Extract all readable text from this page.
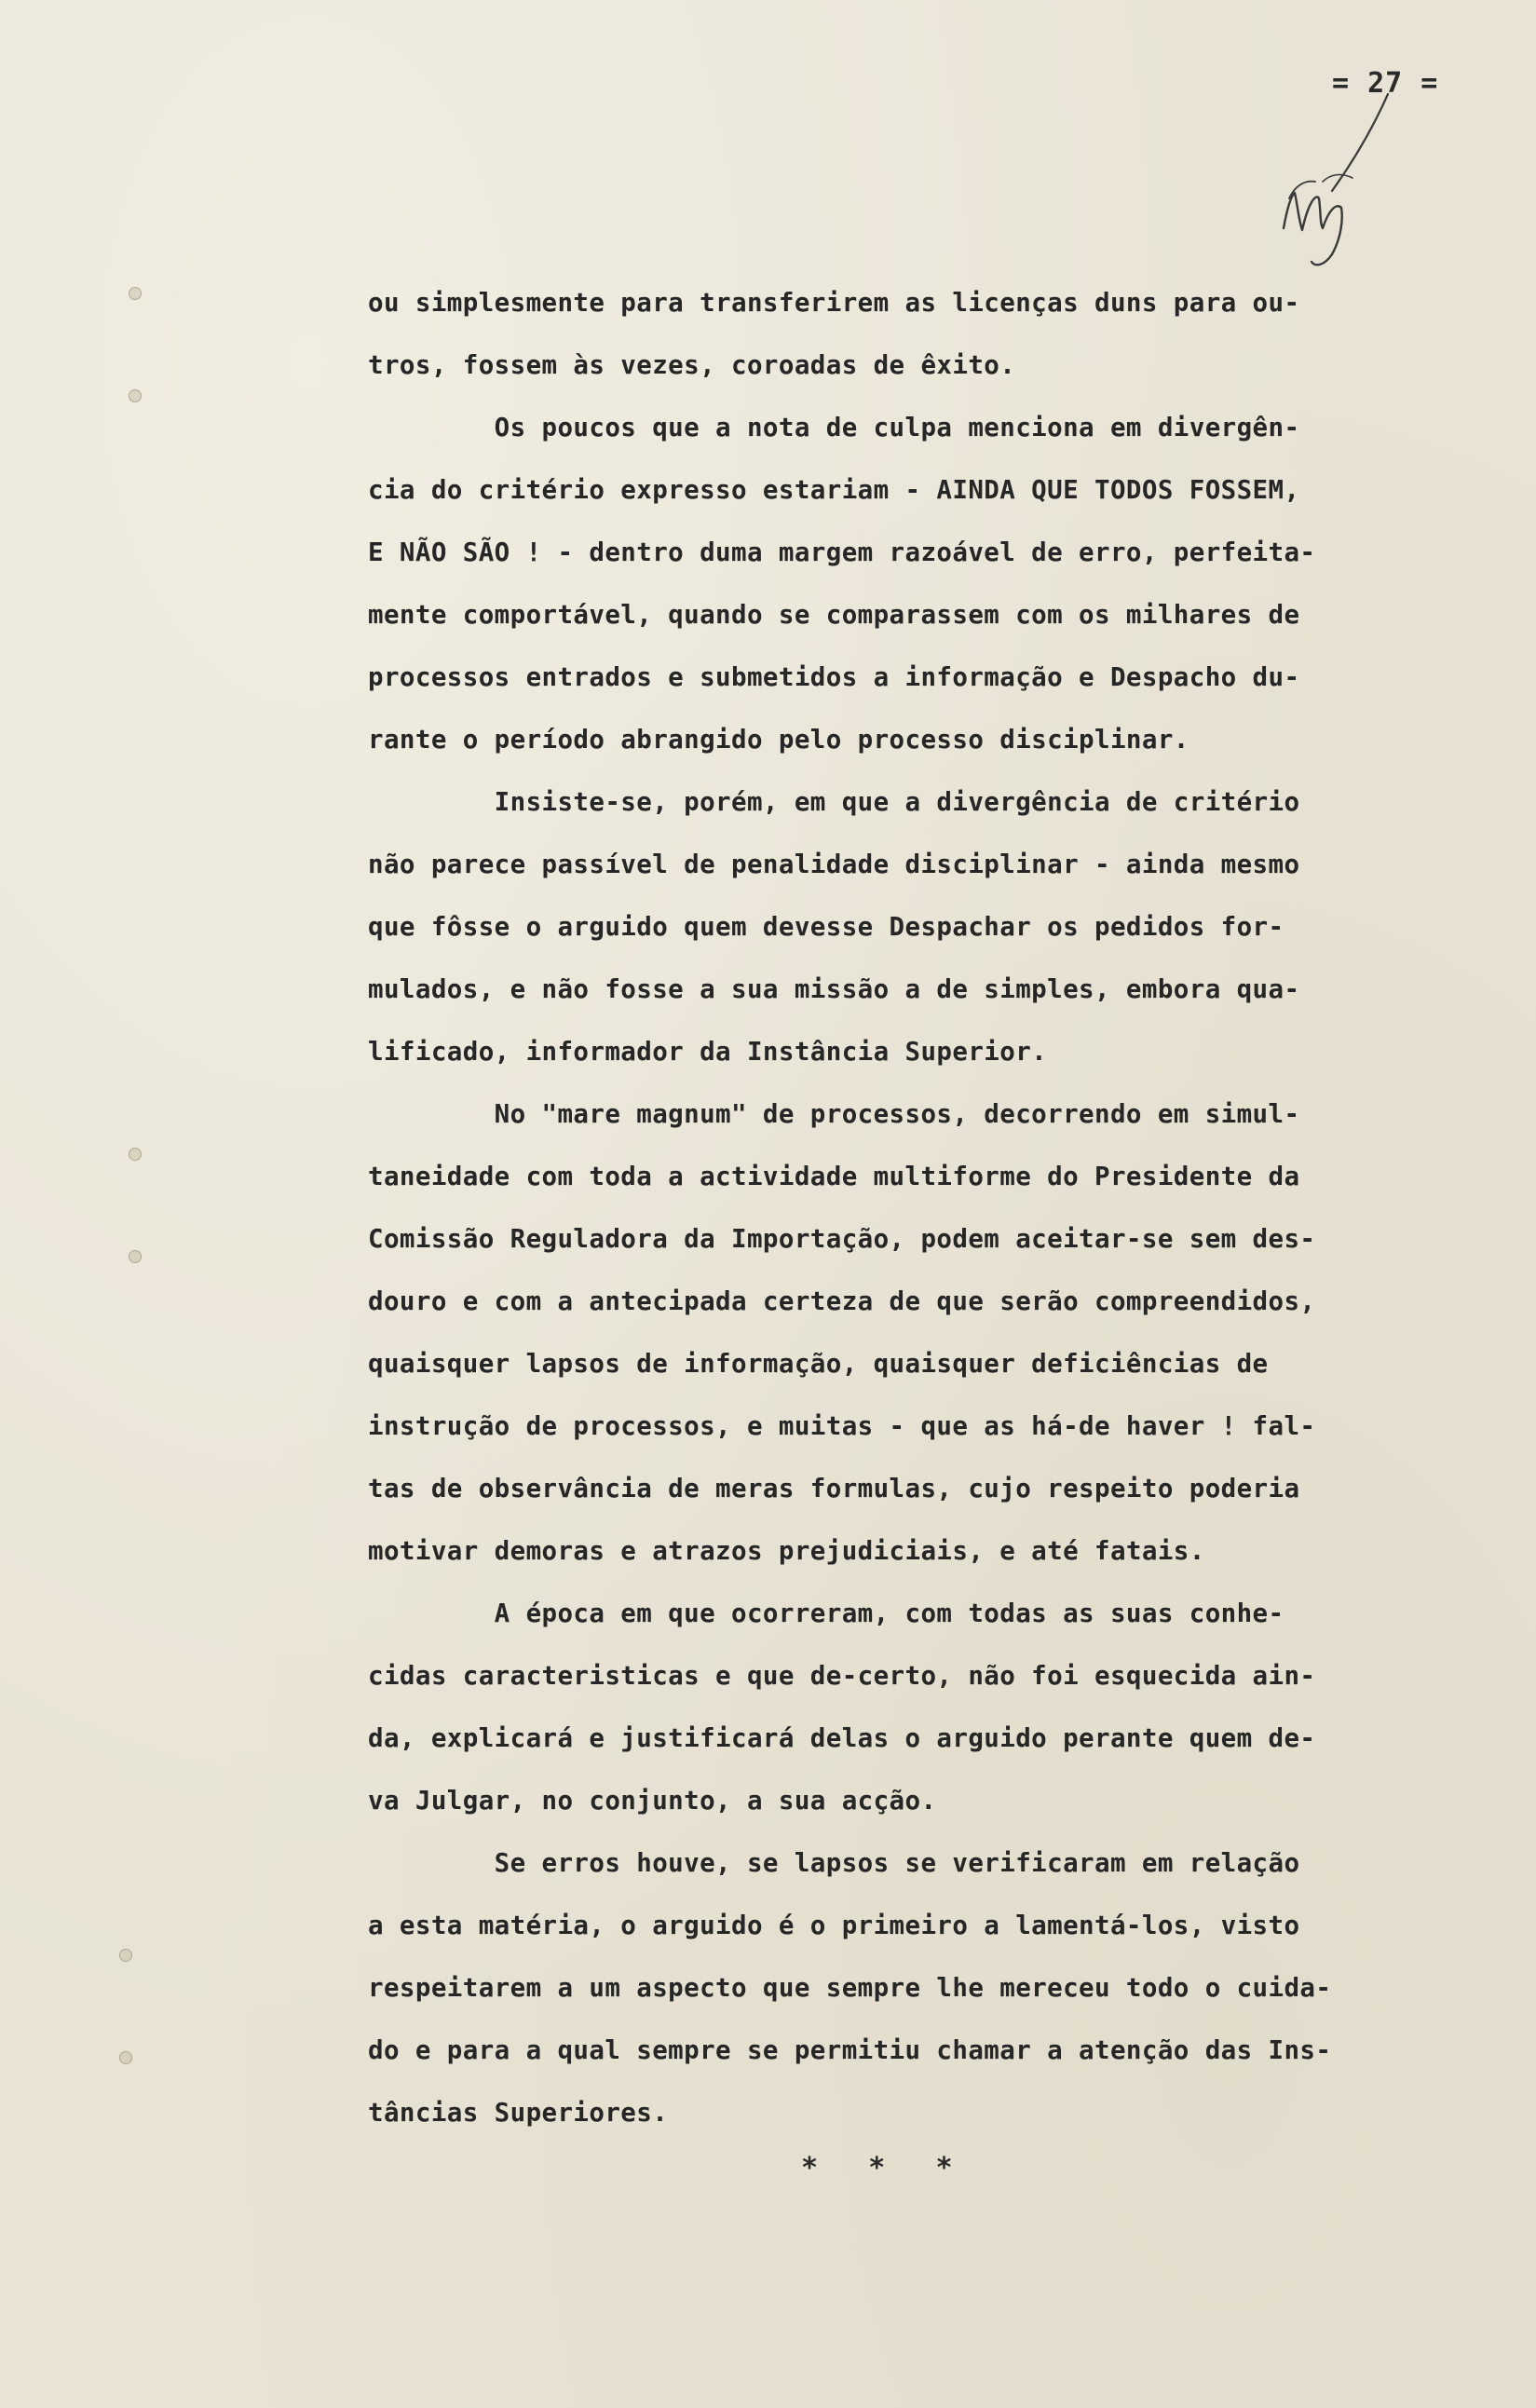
= 27 =
ou simplesmente para transferirem as licenças duns para ou-
tros, fossem às vezes, coroadas de êxito.
Os poucos que a nota de culpa menciona em divergên-
cia do critério expresso estariam - AINDA QUE TODOS FOSSEM,
E NÃO SÃO ! - dentro duma margem razoável de erro, perfeita-
mente comportável, quando se comparassem com os milhares de
processos entrados e submetidos a informação e Despacho du-
rante o período abrangido pelo processo disciplinar.
Insiste-se, porém, em que a divergência de critério
não parece passível de penalidade disciplinar - ainda mesmo
que fôsse o arguido quem devesse Despachar os pedidos for-
mulados, e não fosse a sua missão a de simples, embora qua-
lificado, informador da Instância Superior.
No "mare magnum" de processos, decorrendo em simul-
taneidade com toda a actividade multiforme do Presidente da
Comissão Reguladora da Importação, podem aceitar-se sem des-
douro e com a antecipada certeza de que serão compreendidos,
quaisquer lapsos de informação, quaisquer deficiências de
instrução de processos, e muitas - que as há-de haver ! fal-
tas de observância de meras formulas, cujo respeito poderia
motivar demoras e atrazos prejudiciais, e até fatais.
A época em que ocorreram, com todas as suas conhe-
cidas caracteristicas e que de-certo, não foi esquecida ain-
da, explicará e justificará delas o arguido perante quem de-
va Julgar, no conjunto, a sua acção.
Se erros houve, se lapsos se verificaram em relação
a esta matéria, o arguido é o primeiro a lamentá-los, visto
respeitarem a um aspecto que sempre lhe mereceu todo o cuida-
do e para a qual sempre se permitiu chamar a atenção das Ins-
tâncias Superiores.
*   *   *
